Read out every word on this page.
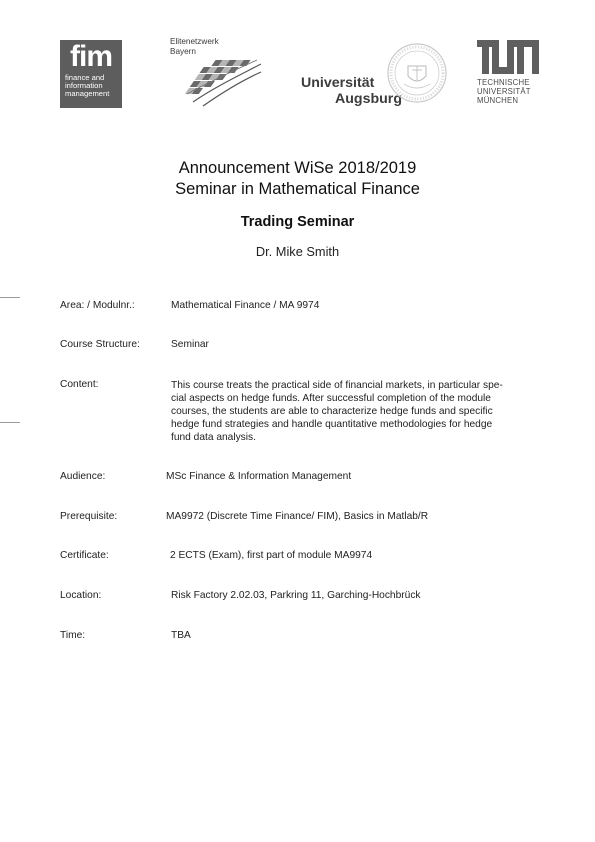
fim
finance and
information
management
Elitenetzwerk
Bayern
Universität
Augsburg
TECHNISCHE
UNIVERSITÄT
MÜNCHEN
Announcement WiSe 2018/2019
Seminar in Mathematical Finance
Trading Seminar
Dr. Mike Smith
Area: / Modulnr.:	Mathematical Finance / MA 9974
Course Structure:	Seminar
Content:	This course treats the practical side of financial markets, in particular spe-
cial aspects on hedge funds. After successful completion of the module
courses, the students are able to characterize hedge funds and specific
hedge fund strategies and handle quantitative methodologies for hedge
fund data analysis.
Audience:	MSc Finance & Information Management
Prerequisite:	MA9972 (Discrete Time Finance/ FIM), Basics in Matlab/R
Certificate:	2 ECTS (Exam), first part of module MA9974
Location:	Risk Factory 2.02.03, Parkring 11, Garching-Hochbrück
Time:	TBA
